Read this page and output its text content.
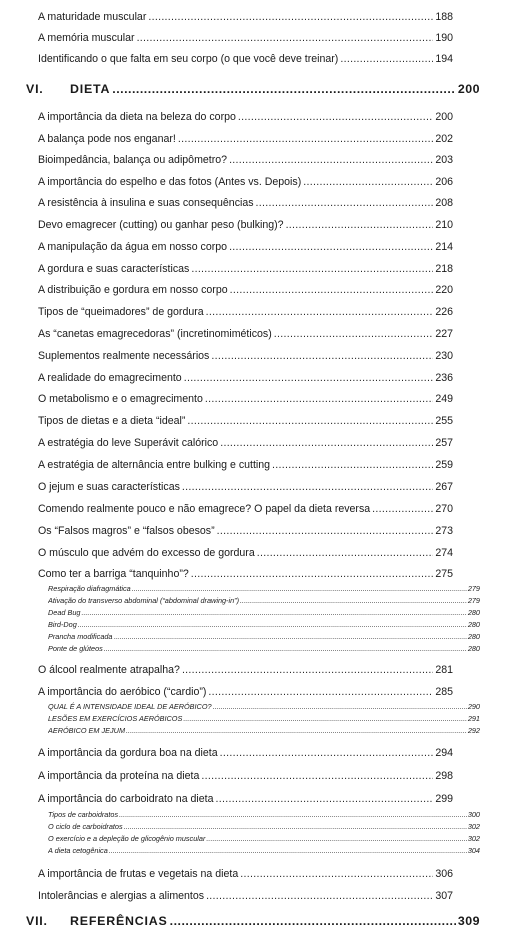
A maturidade muscular .....	188
A memória muscular .....	190
Identificando o que falta em seu corpo (o que você deve treinar) .....	194
VI.	DIETA .....	200
A importância da dieta na beleza do corpo .....	200
A balança pode nos enganar! .....	202
Bioimpedância, balança ou adipômetro? .....	203
A importância do espelho e das fotos (Antes vs. Depois) .....	206
A resistência à insulina e suas consequências .....	208
Devo emagrecer (cutting) ou ganhar peso (bulking)? .....	210
A manipulação da água em nosso corpo .....	214
A gordura e suas características .....	218
A distribuição e gordura em nosso corpo .....	220
Tipos de “queimadores” de gordura .....	226
As “canetas emagrecedoras” (incretinomiméticos) .....	227
Suplementos realmente necessários .....	230
A realidade do emagrecimento .....	236
O metabolismo e o emagrecimento .....	249
Tipos de dietas e a dieta “ideal” .....	255
A estratégia do leve Superávit calórico .....	257
A estratégia de alternância entre bulking e cutting .....	259
O jejum e suas características .....	267
Comendo realmente pouco e não emagrece? O papel da dieta reversa .....	270
Os “Falsos magros” e “falsos obesos” .....	273
O músculo que advém do excesso de gordura .....	274
Como ter a barriga “tanquinho”? .....	275
Respiração diafragmática .....	279
Ativação do transverso abdominal (“abdominal drawing-in”) .....	279
Dead Bug .....	280
Bird-Dog .....	280
Prancha modificada .....	280
Ponte de glúteos .....	280
O álcool realmente atrapalha? .....	281
A importância do aeróbico (“cardio”) .....	285
QUAL É A INTENSIDADE IDEAL DE AERÓBICO? .....	290
LESÕES EM EXERCÍCIOS AERÓBICOS .....	291
AERÓBICO EM JEJUM .....	292
A importância da gordura boa na dieta .....	294
A importância da proteína na dieta .....	298
A importância do carboidrato na dieta .....	299
Tipos de carboidratos .....	300
O ciclo de carboidratos .....	302
O exercício e a depleção de glicogênio muscular .....	302
A dieta cetogênica .....	304
A importância de frutas e vegetais na dieta .....	306
Intolerâncias e alergias a alimentos .....	307
VII.	REFERÊNCIAS .....	309
